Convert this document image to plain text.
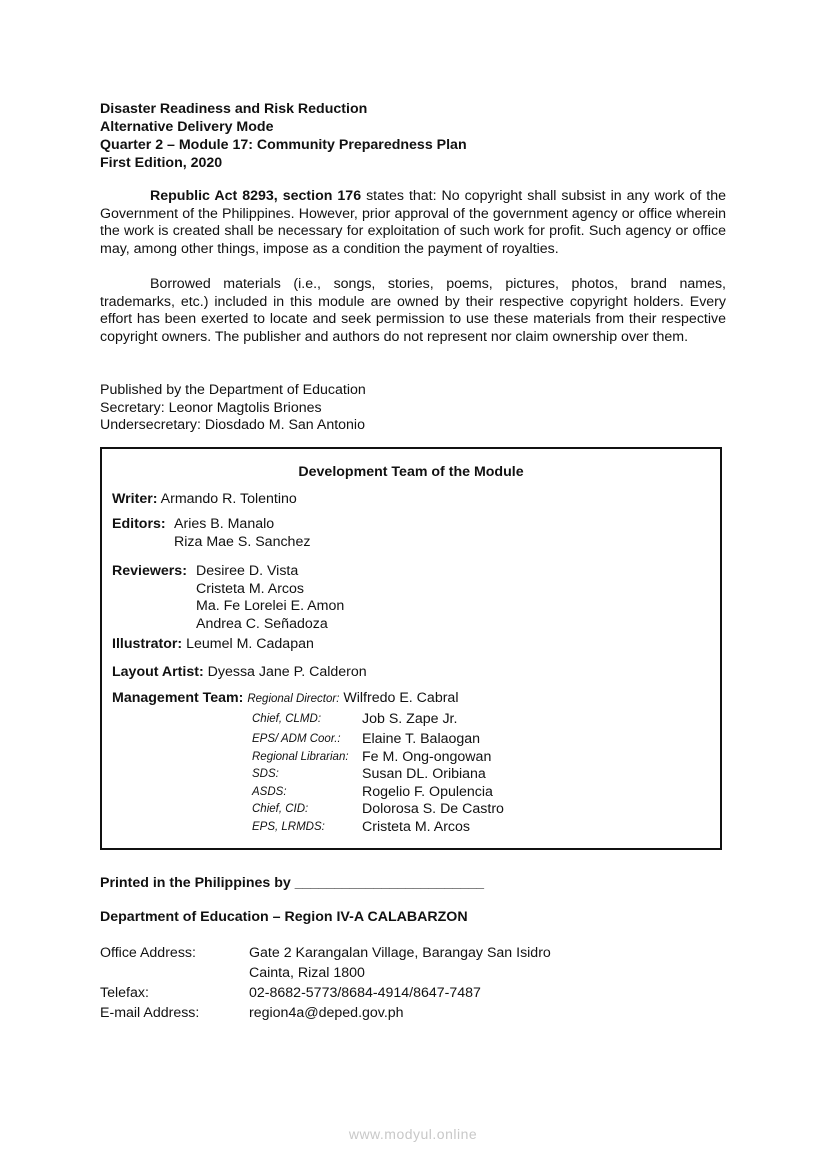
Disaster Readiness and Risk Reduction
Alternative Delivery Mode
Quarter 2 – Module 17: Community Preparedness Plan
First Edition, 2020
Republic Act 8293, section 176 states that: No copyright shall subsist in any work of the Government of the Philippines. However, prior approval of the government agency or office wherein the work is created shall be necessary for exploitation of such work for profit. Such agency or office may, among other things, impose as a condition the payment of royalties.
Borrowed materials (i.e., songs, stories, poems, pictures, photos, brand names, trademarks, etc.) included in this module are owned by their respective copyright holders. Every effort has been exerted to locate and seek permission to use these materials from their respective copyright owners. The publisher and authors do not represent nor claim ownership over them.
Published by the Department of Education
Secretary: Leonor Magtolis Briones
Undersecretary: Diosdado M. San Antonio
Development Team of the Module
Writer: Armando R. Tolentino
Editors: Aries B. Manalo
Riza Mae S. Sanchez
Reviewers: Desiree D. Vista
Cristeta M. Arcos
Ma. Fe Lorelei E. Amon
Andrea C. Señadoza
Illustrator: Leumel M. Cadapan
Layout Artist: Dyessa Jane P. Calderon
Management Team: Regional Director: Wilfredo E. Cabral
Chief, CLMD:	Job S. Zape Jr.
EPS/ ADM Coor.: Elaine T. Balaogan
Regional Librarian: Fe M. Ong-ongowan
SDS:	Susan DL. Oribiana
ASDS:	Rogelio F. Opulencia
Chief, CID:	Dolorosa S. De Castro
EPS, LRMDS:	Cristeta M. Arcos
Printed in the Philippines by ________________________
Department of Education – Region IV-A CALABARZON
Office Address:	Gate 2 Karangalan Village, Barangay San Isidro
Cainta, Rizal 1800
Telefax:	02-8682-5773/8684-4914/8647-7487
E-mail Address:	region4a@deped.gov.ph
www.modyul.online
